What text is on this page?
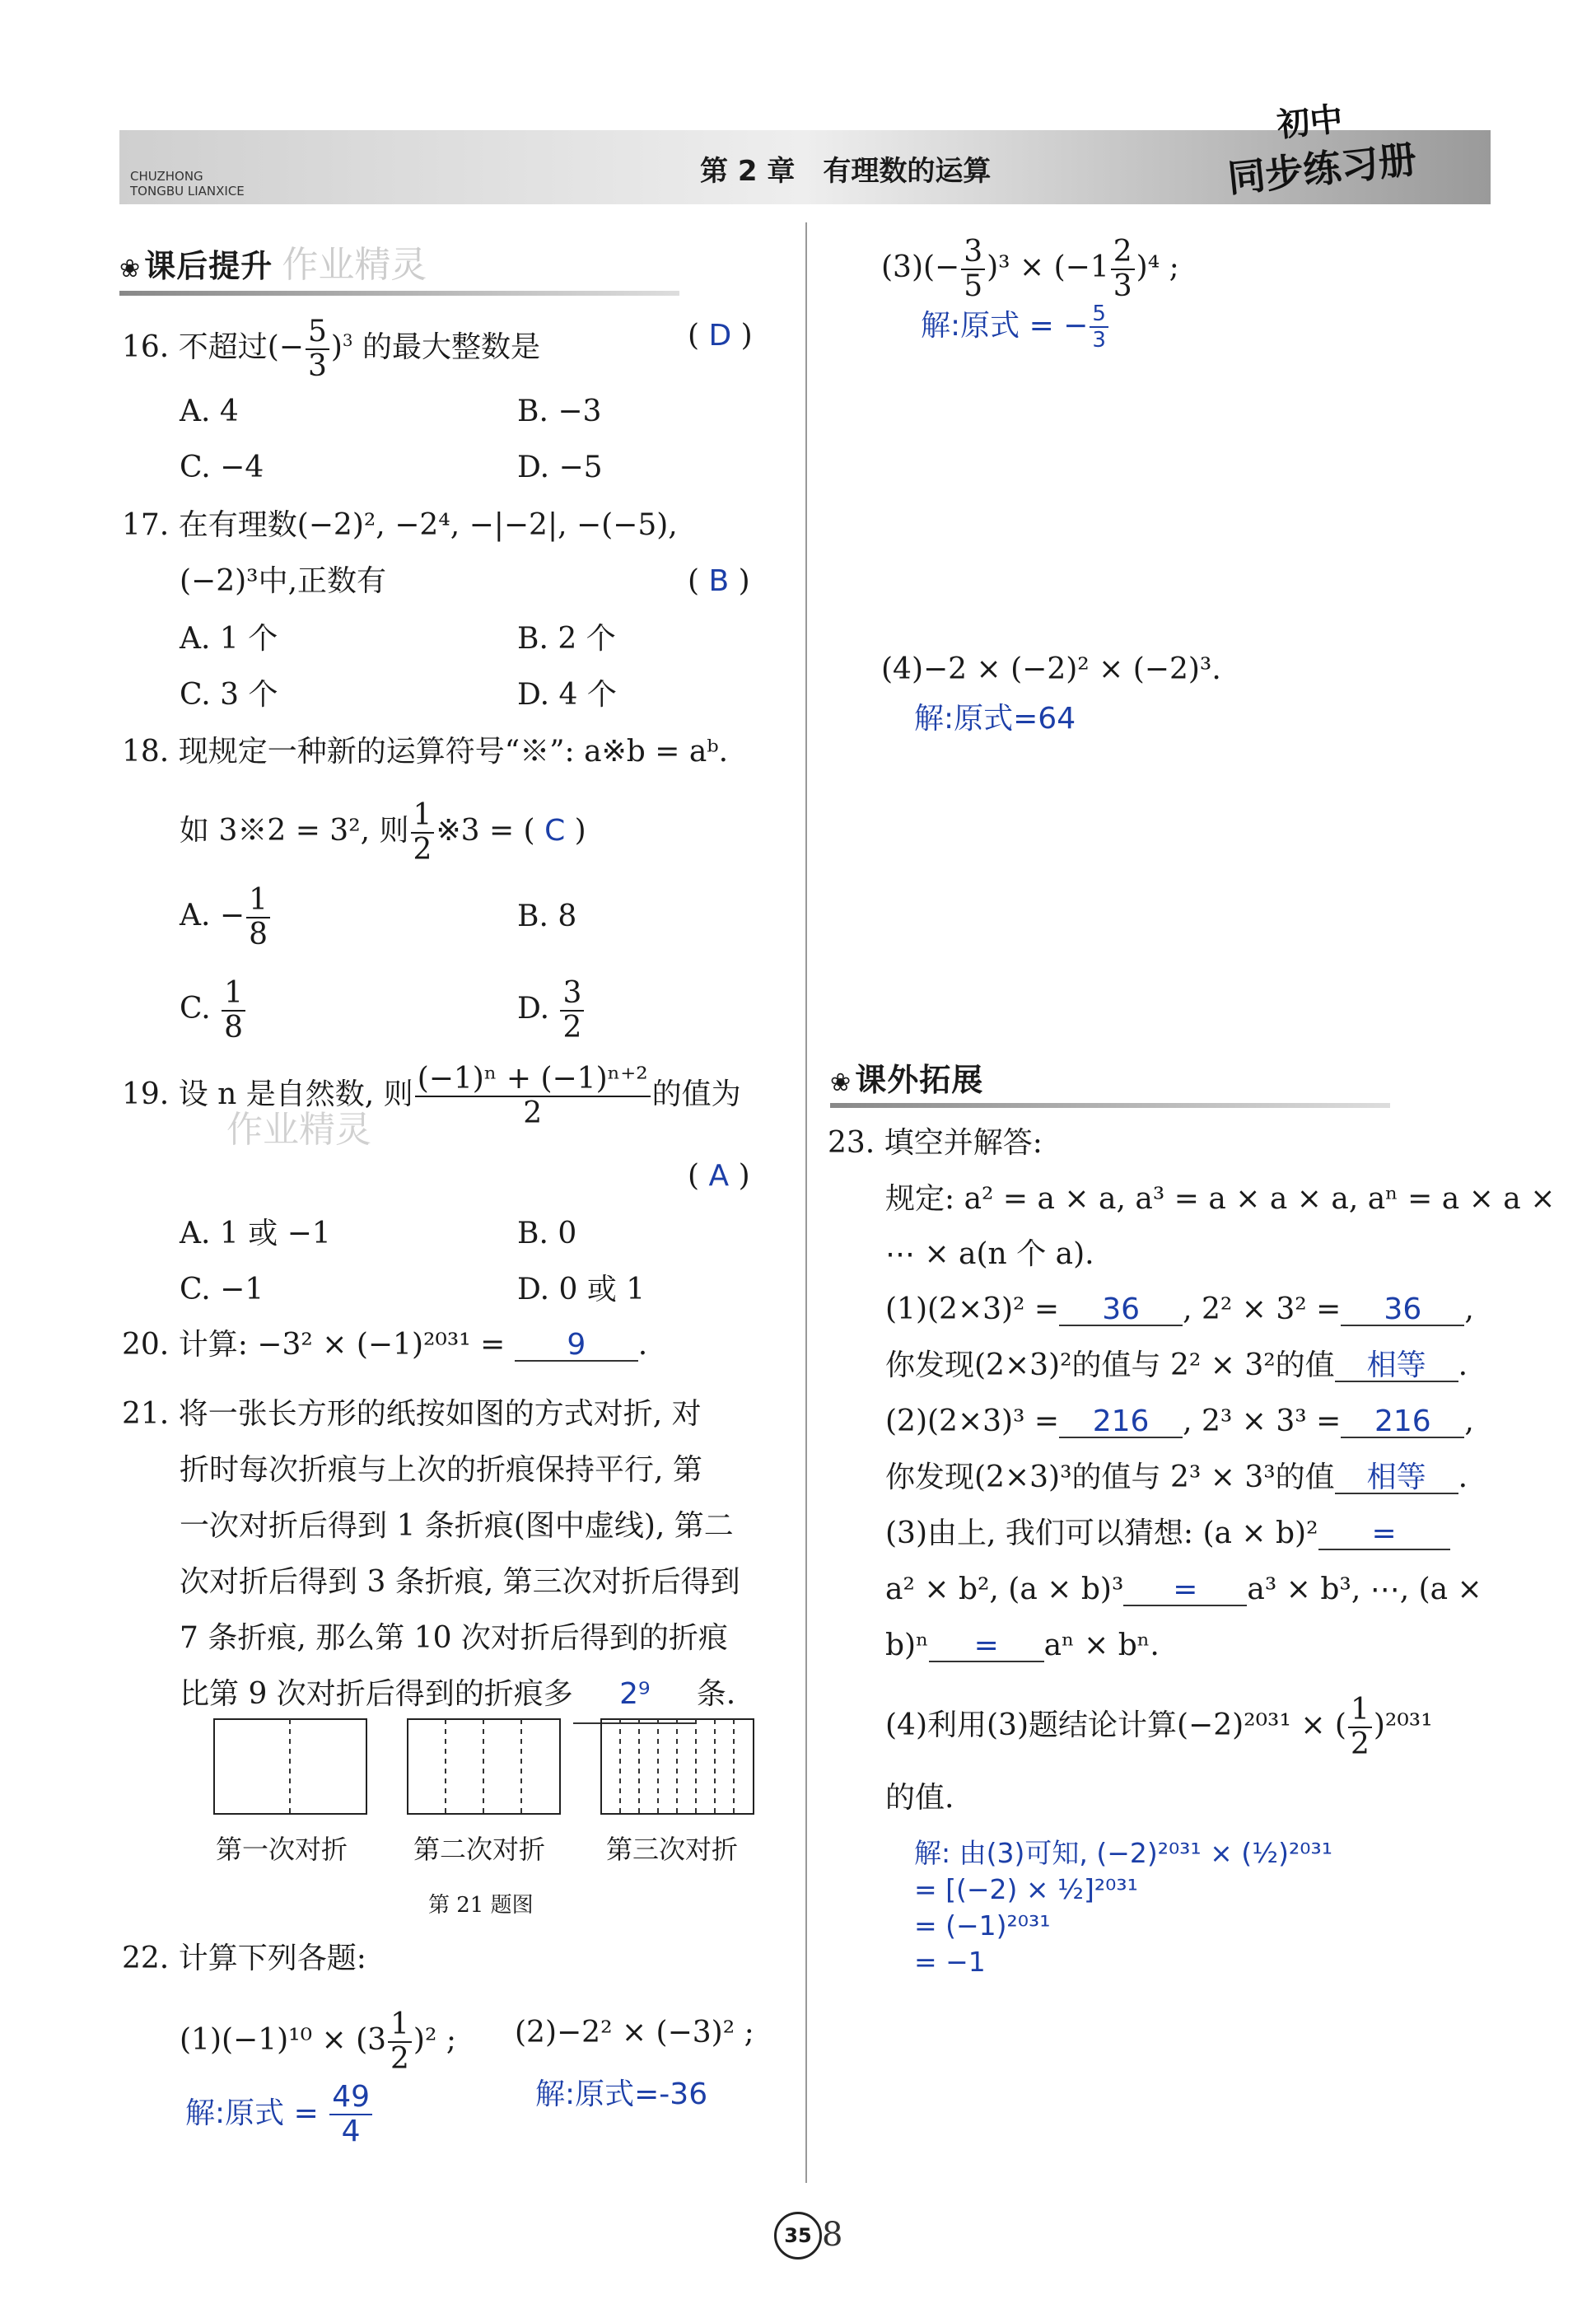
CHUZHONG
TONGBU LIANXICE
第 2 章　有理数的运算
初中
同步练习册
❀ 课后提升 作业精灵
16. 不超过(− $\frac{5}{3} )^3$ 的最大整数是	( D )
A. 4	B. −3
C. −4	D. −5
17. 在有理数(−2)², −2⁴, −|−2|, −(−5),
(−2)³中,正数有	( B )
A. 1 个	B. 2 个
C. 3 个	D. 4 个
18. 现规定一种新的运算符号“※”: a※b = aᵇ.
如 3※2 = 3², 则 $\frac{1}{2}$ ※3 = ( C )
A. − $\frac{1}{8}$	B. 8
C. $\frac{1}{8}$	D. $\frac{3}{2}$
19. 设 n 是自然数, 则 $\frac{\text{(−1)ⁿ + (−1)ⁿ⁺²}}{2}$ 的值为
作业精灵
( A )
A. 1 或 −1	B. 0
C. −1	D. 0 或 1
20. 计算: −3² × (−1)²⁰³¹ = 9 .
21. 将一张长方形的纸按如图的方式对折, 对
折时每次折痕与上次的折痕保持平行, 第
一次对折后得到 1 条折痕(图中虚线), 第二
次对折后得到 3 条折痕, 第三次对折后得到
7 条折痕, 那么第 10 次对折后得到的折痕
比第 9 次对折后得到的折痕多 2⁹ 条.
第一次对折 第二次对折 第三次对折
第 21 题图
22. 计算下列各题:
$(1)(-1)^{10} \times (3 \frac{1}{2} )^2$ ; (2)−2² × (−3)² ;
解:原式 = $\frac{49}{4}$	解:原式=-36
$(3)(- \frac{3}{5} )^3 \times (-1 \frac{2}{3} )^4$ ;
解:原式 = − $\frac{5}{3}$
(4)−2 × (−2)² × (−2)³.
解:原式=64
❀ 课外拓展
23. 填空并解答:
规定: a² = a × a, a³ = a × a × a, aⁿ = a × a ×
⋯ × a(n 个 a).
(1)(2×3)² = 36 , 2² × 3² = 36 ,
你发现(2×3)²的值与 2² × 3²的值 相等 .
(2)(2×3)³ = 216 , 2³ × 3³ = 216 ,
你发现(2×3)³的值与 2³ × 3³的值 相等 .
(3)由上, 我们可以猜想: (a × b)² =
a² × b², (a × b)³ = a³ × b³, ⋯, (a ×
b)ⁿ = aⁿ × bⁿ.
(4)利用(3)题结论计算(−2)²⁰³¹ × ( $\frac{1}{2} )^{2031}$
的值.
解: 由(3)可知, (−2)²⁰³¹ × (½)²⁰³¹
= [(−2) × ½]²⁰³¹
= (−1)²⁰³¹
= −1
35 8
